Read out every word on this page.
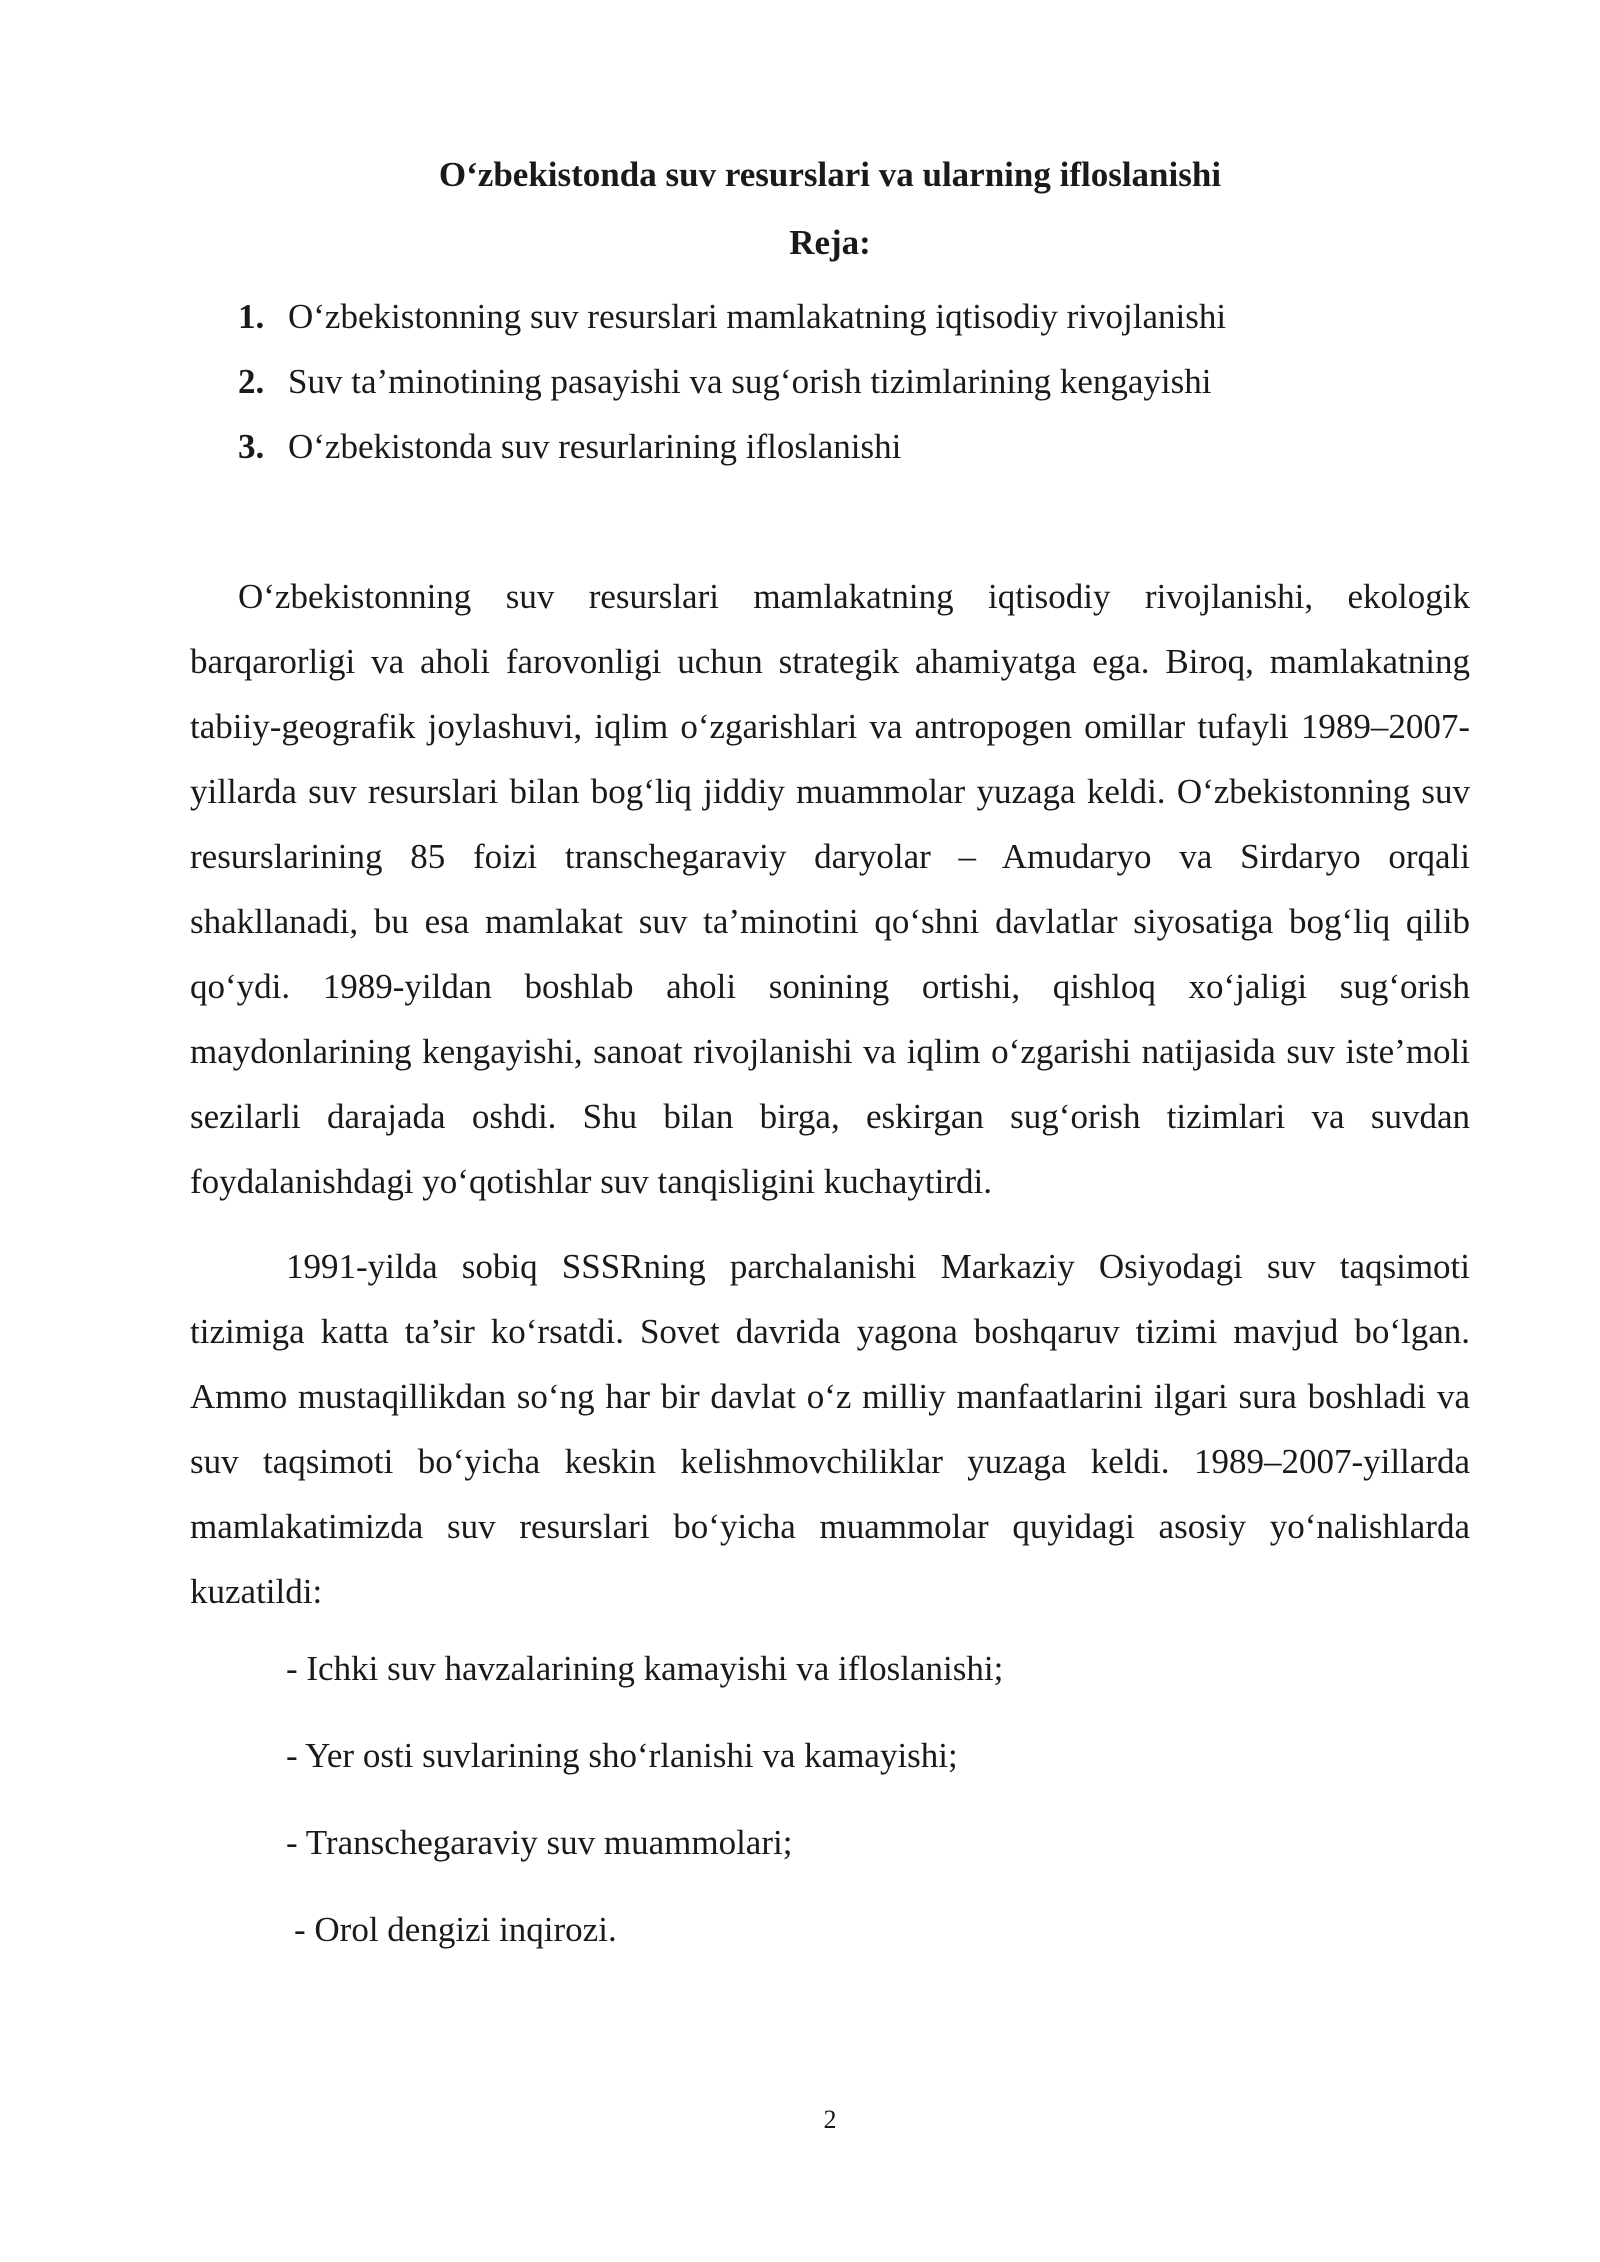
O‘zbekistonda suv resurslari va ularning ifloslanishi
Reja:
1. O‘zbekistonning suv resurslari mamlakatning iqtisodiy rivojlanishi
2. Suv ta’minotining pasayishi va sug‘orish tizimlarining kengayishi
3. O‘zbekistonda suv resurlarining ifloslanishi

O‘zbekistonning suv resurslari mamlakatning iqtisodiy rivojlanishi, ekologik barqarorligi va aholi farovonligi uchun strategik ahamiyatga ega. Biroq, mamlakatning tabiiy-geografik joylashuvi, iqlim o‘zgarishlari va antropogen omillar tufayli 1989–2007-yillarda suv resurslari bilan bog‘liq jiddiy muammolar yuzaga keldi. O‘zbekistonning suv resurslarining 85 foizi transchegaraviy daryolar – Amudaryo va Sirdaryo orqali shakllanadi, bu esa mamlakat suv ta’minotini qo‘shni davlatlar siyosatiga bog‘liq qilib qo‘ydi. 1989-yildan boshlab aholi sonining ortishi, qishloq xo‘jaligi sug‘orish maydonlarining kengayishi, sanoat rivojlanishi va iqlim o‘zgarishi natijasida suv iste’moli sezilarli darajada oshdi. Shu bilan birga, eskirgan sug‘orish tizimlari va suvdan foydalanishdagi yo‘qotishlar suv tanqisligini kuchaytirdi.

1991-yilda sobiq SSSRning parchalanishi Markaziy Osiyodagi suv taqsimoti tizimiga katta ta’sir ko‘rsatdi. Sovet davrida yagona boshqaruv tizimi mavjud bo‘lgan. Ammo mustaqillikdan so‘ng har bir davlat o‘z milliy manfaatlarini ilgari sura boshladi va suv taqsimoti bo‘yicha keskin kelishmovchiliklar yuzaga keldi. 1989–2007-yillarda mamlakatimizda suv resurslari bo‘yicha muammolar quyidagi asosiy yo‘nalishlarda kuzatildi:

- Ichki suv havzalarining kamayishi va ifloslanishi;
- Yer osti suvlarining sho‘rlanishi va kamayishi;
- Transchegaraviy suv muammolari;
- Orol dengizi inqirozi.
2
